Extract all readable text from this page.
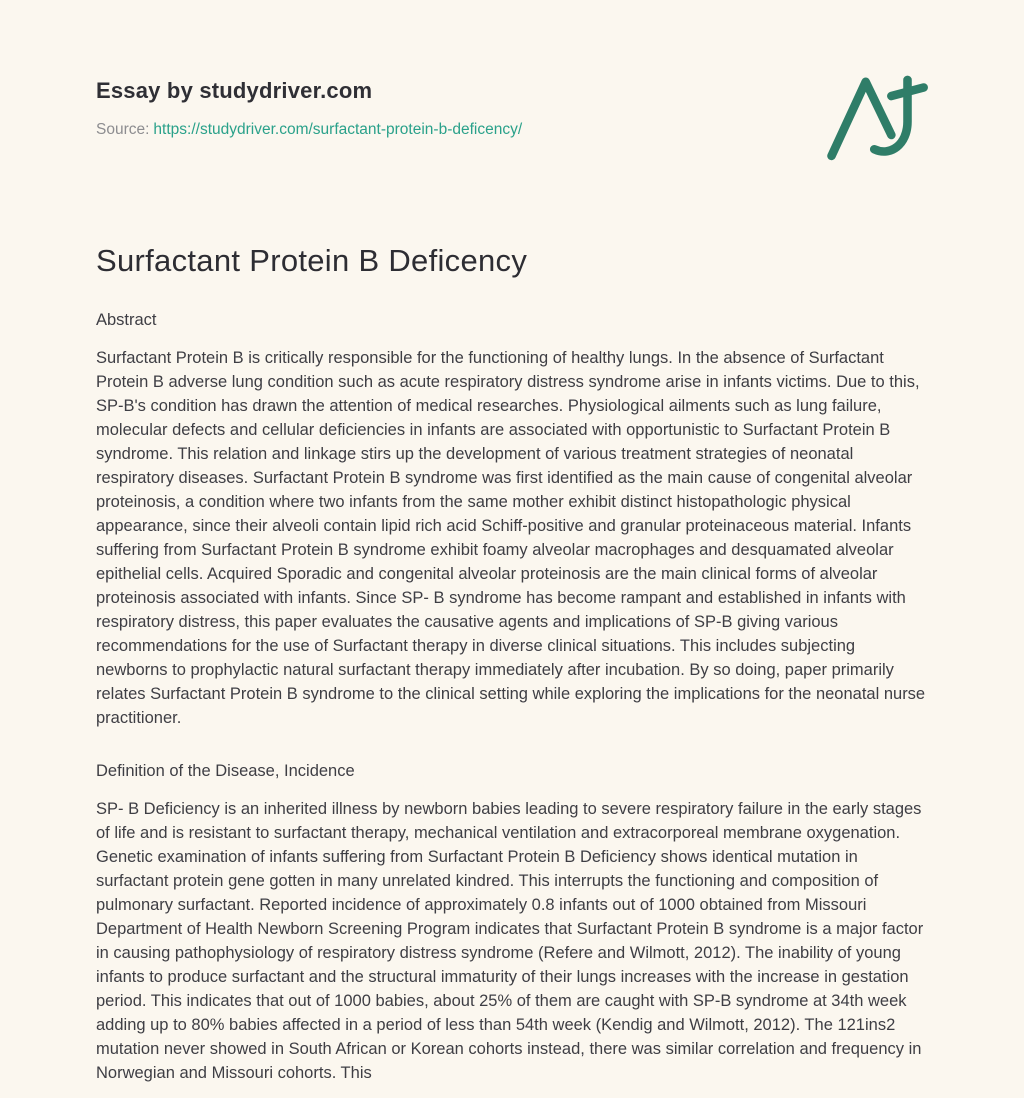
Essay by studydriver.com
Source: https://studydriver.com/surfactant-protein-b-deficency/
Surfactant Protein B Deficency
Abstract

Surfactant Protein B is critically responsible for the functioning of healthy lungs. In the absence of Surfactant Protein B adverse lung condition such as acute respiratory distress syndrome arise in infants victims. Due to this, SP-B's condition has drawn the attention of medical researches. Physiological ailments such as lung failure, molecular defects and cellular deficiencies in infants are associated with opportunistic to Surfactant Protein B syndrome. This relation and linkage stirs up the development of various treatment strategies of neonatal respiratory diseases. Surfactant Protein B syndrome was first identified as the main cause of congenital alveolar proteinosis, a condition where two infants from the same mother exhibit distinct histopathologic physical appearance, since their alveoli contain lipid rich acid Schiff-positive and granular proteinaceous material. Infants suffering from Surfactant Protein B syndrome exhibit foamy alveolar macrophages and desquamated alveolar epithelial cells. Acquired Sporadic and congenital alveolar proteinosis are the main clinical forms of alveolar proteinosis associated with infants. Since SP- B syndrome has become rampant and established in infants with respiratory distress, this paper evaluates the causative agents and implications of SP-B giving various recommendations for the use of Surfactant therapy in diverse clinical situations. This includes subjecting newborns to prophylactic natural surfactant therapy immediately after incubation. By so doing, paper primarily relates Surfactant Protein B syndrome to the clinical setting while exploring the implications for the neonatal nurse practitioner.

Definition of the Disease, Incidence

SP- B Deficiency is an inherited illness by newborn babies leading to severe respiratory failure in the early stages of life and is resistant to surfactant therapy, mechanical ventilation and extracorporeal membrane oxygenation. Genetic examination of infants suffering from Surfactant Protein B Deficiency shows identical mutation in surfactant protein gene gotten in many unrelated kindred. This interrupts the functioning and composition of pulmonary surfactant. Reported incidence of approximately 0.8 infants out of 1000 obtained from Missouri Department of Health Newborn Screening Program indicates that Surfactant Protein B syndrome is a major factor in causing pathophysiology of respiratory distress syndrome (Refere and Wilmott, 2012). The inability of young infants to produce surfactant and the structural immaturity of their lungs increases with the increase in gestation period. This indicates that out of 1000 babies, about 25% of them are caught with SP-B syndrome at 34th week adding up to 80% babies affected in a period of less than 54th week (Kendig and Wilmott, 2012). The 121ins2 mutation never showed in South African or Korean cohorts instead, there was similar correlation and frequency in Norwegian and Missouri cohorts. This
